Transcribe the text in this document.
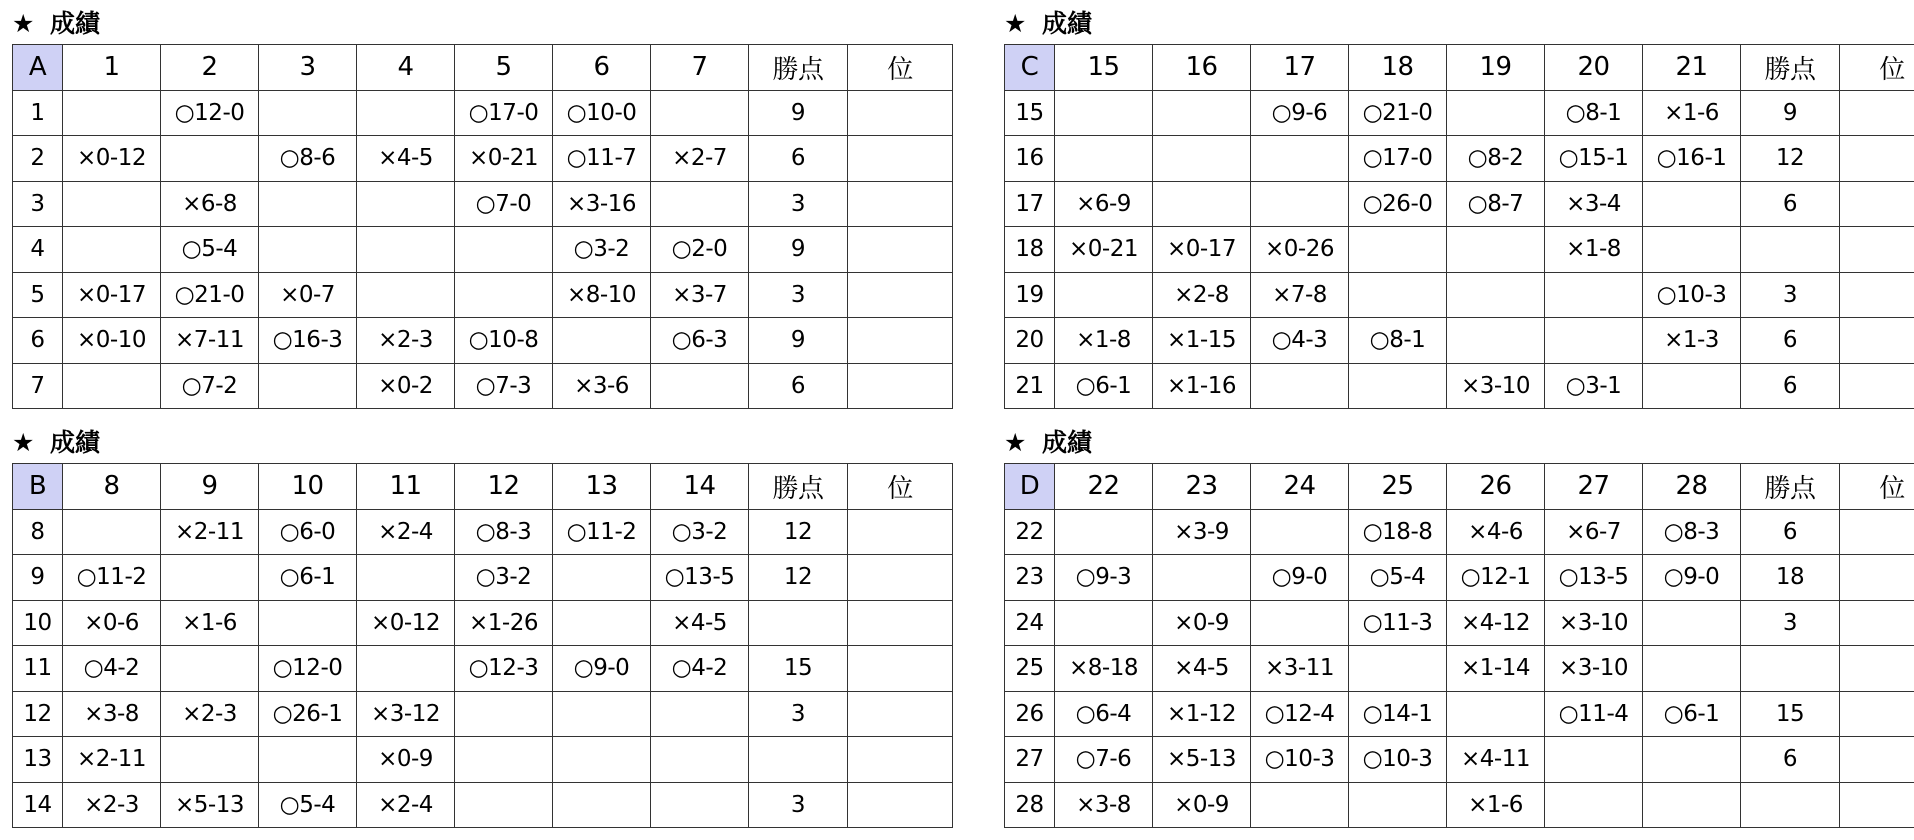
★ 成績
A	1	2	3	4	5	6	7	勝点	位
1		○12-0			○17-0	○10-0		9	
2	×0-12		○8-6	×4-5	×0-21	○11-7	×2-7	6	
3		×6-8			○7-0	×3-16		3	
4		○5-4				○3-2	○2-0	9	
5	×0-17	○21-0	×0-7			×8-10	×3-7	3	
6	×0-10	×7-11	○16-3	×2-3	○10-8		○6-3	9	
7		○7-2		×0-2	○7-3	×3-6		6	
★ 成績
C	15	16	17	18	19	20	21	勝点	位
15			○9-6	○21-0		○8-1	×1-6	9	
16				○17-0	○8-2	○15-1	○16-1	12	
17	×6-9			○26-0	○8-7	×3-4		6	
18	×0-21	×0-17	×0-26			×1-8			
19		×2-8	×7-8				○10-3	3	
20	×1-8	×1-15	○4-3	○8-1			×1-3	6	
21	○6-1	×1-16			×3-10	○3-1		6	
★ 成績
B	8	9	10	11	12	13	14	勝点	位
8		×2-11	○6-0	×2-4	○8-3	○11-2	○3-2	12	
9	○11-2		○6-1		○3-2		○13-5	12	
10	×0-6	×1-6		×0-12	×1-26		×4-5		
11	○4-2		○12-0		○12-3	○9-0	○4-2	15	
12	×3-8	×2-3	○26-1	×3-12				3	
13	×2-11			×0-9					
14	×2-3	×5-13	○5-4	×2-4				3	
★ 成績
D	22	23	24	25	26	27	28	勝点	位
22		×3-9		○18-8	×4-6	×6-7	○8-3	6	
23	○9-3		○9-0	○5-4	○12-1	○13-5	○9-0	18	
24		×0-9		○11-3	×4-12	×3-10		3	
25	×8-18	×4-5	×3-11		×1-14	×3-10			
26	○6-4	×1-12	○12-4	○14-1		○11-4	○6-1	15	
27	○7-6	×5-13	○10-3	○10-3	×4-11			6	
28	×3-8	×0-9			×1-6				
